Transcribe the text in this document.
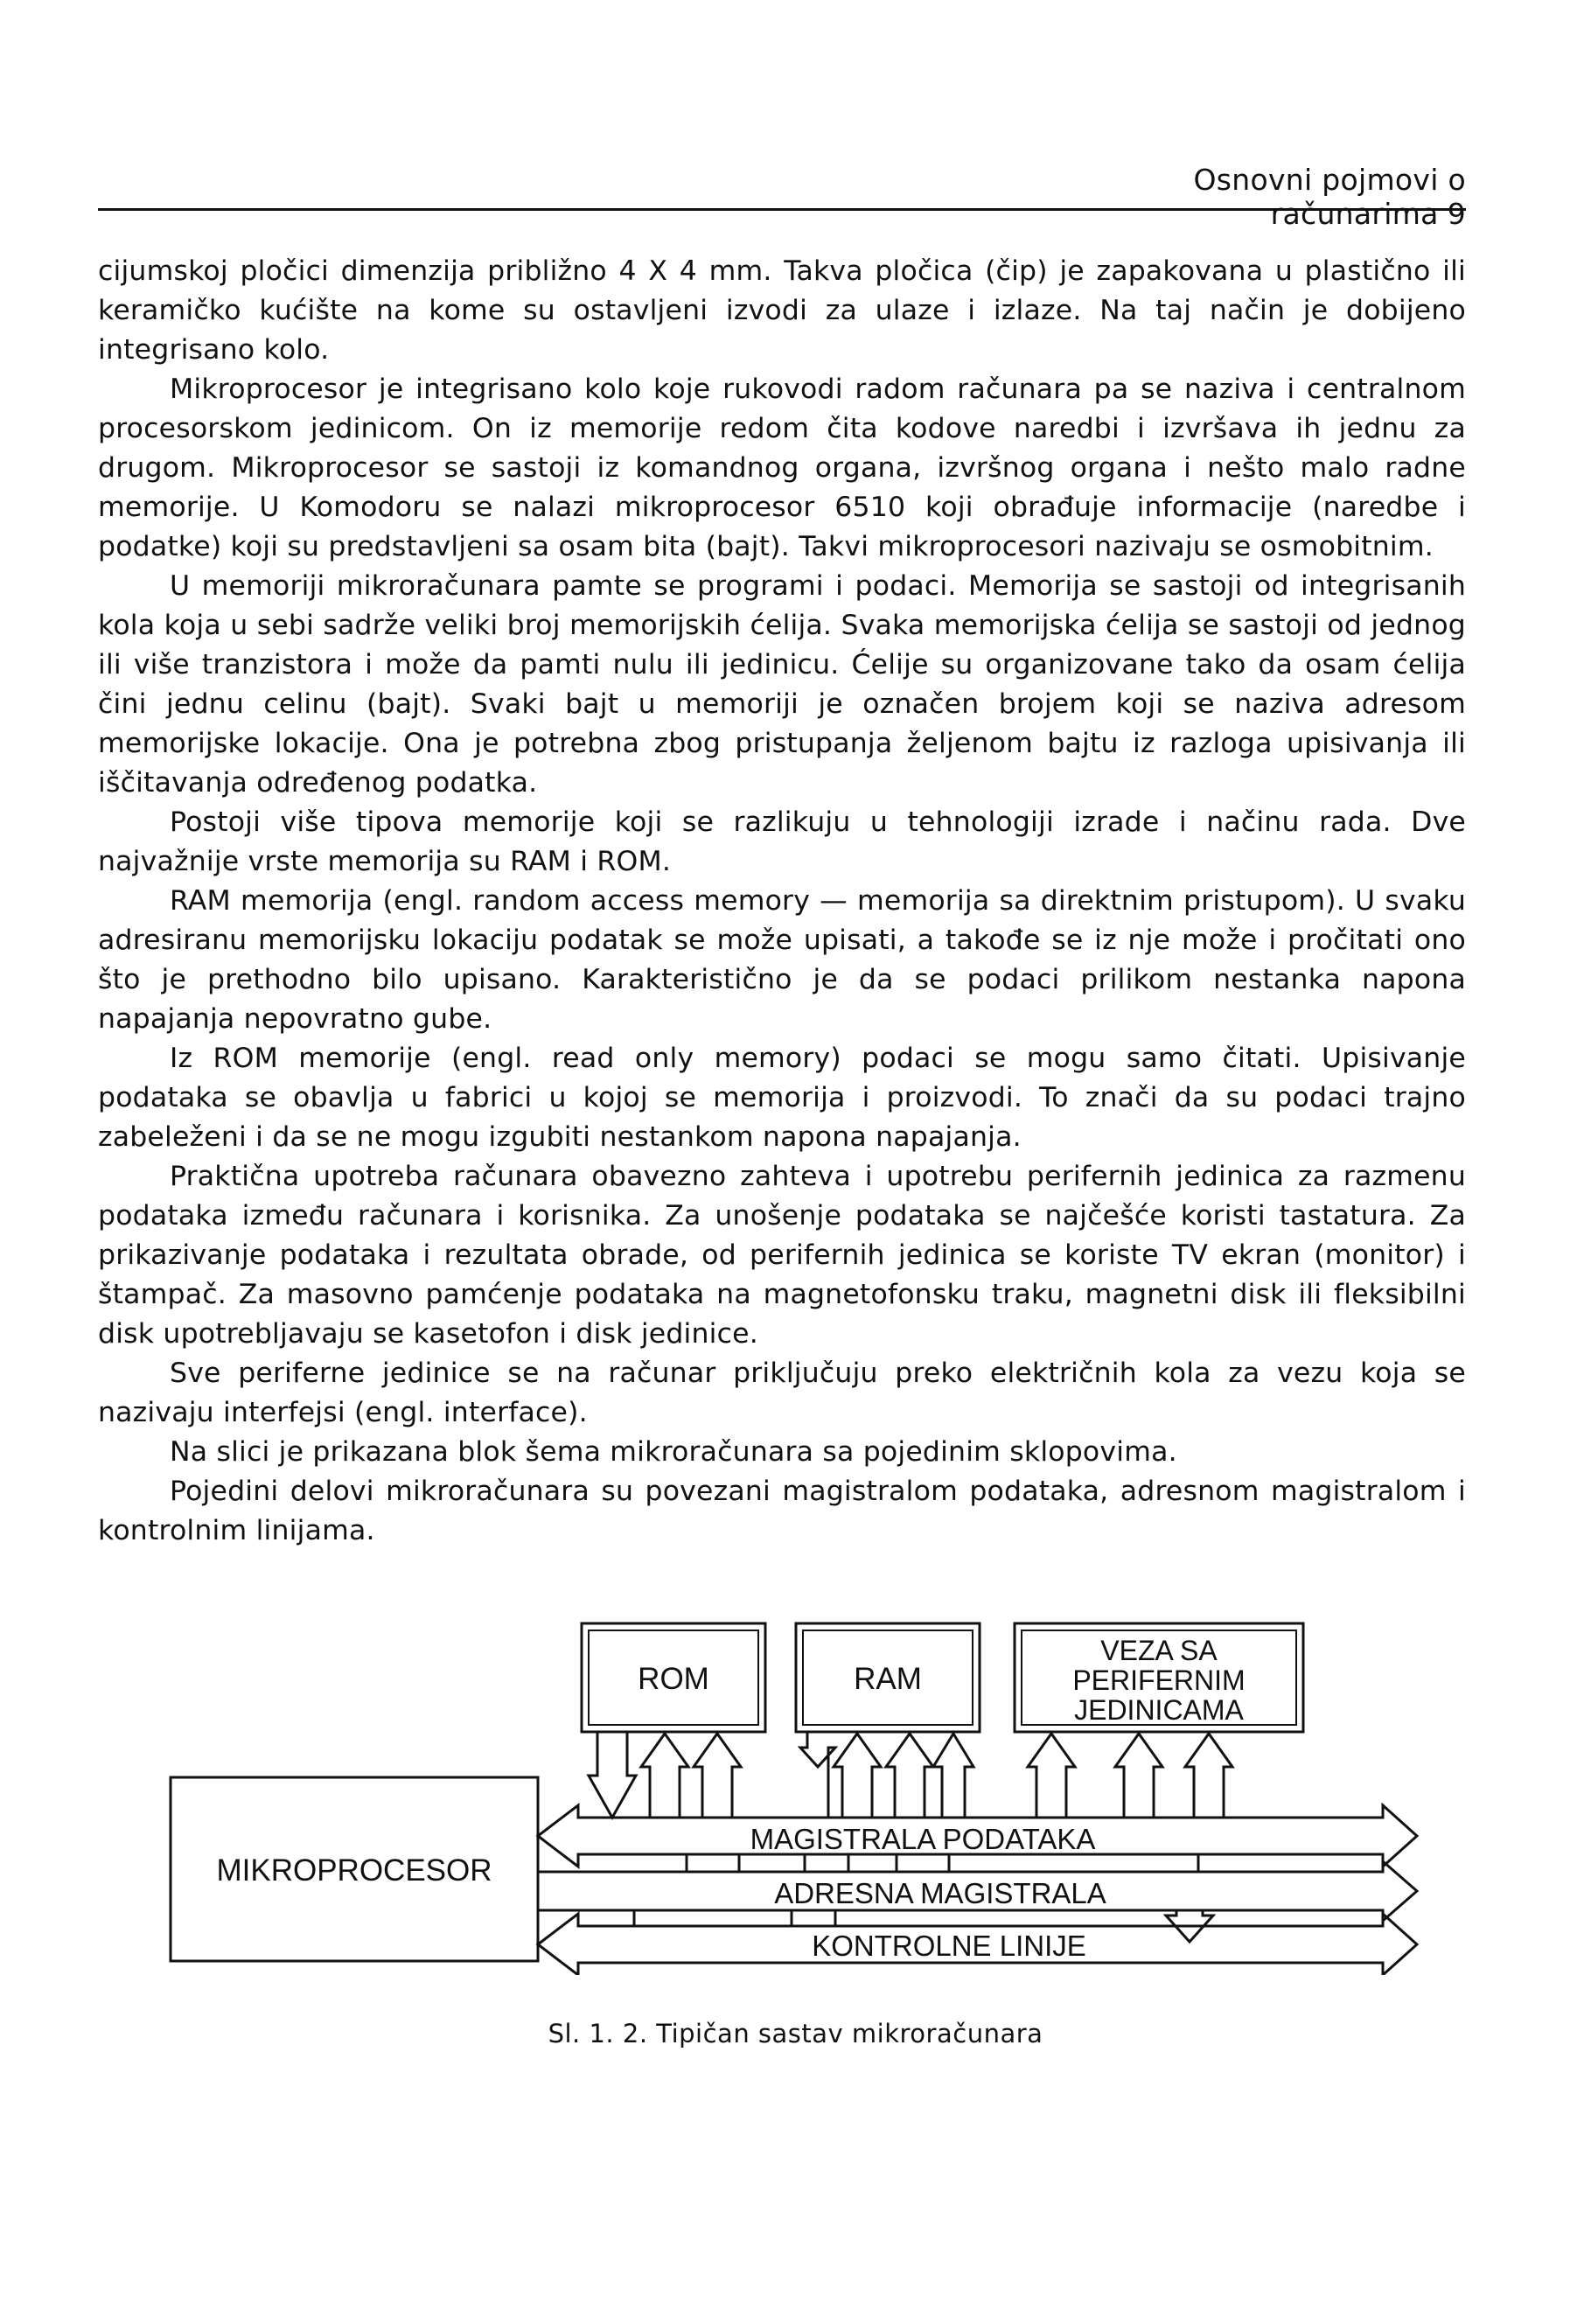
Osnovni pojmovi o računarima 9

cijumskoj pločici dimenzija približno 4 X 4 mm. Takva pločica (čip) je zapakovana u plastično ili keramičko kućište na kome su ostavljeni izvodi za ulaze i izlaze. Na taj način je dobijeno integrisano kolo.

Mikroprocesor je integrisano kolo koje rukovodi radom računara pa se naziva i centralnom procesorskom jedinicom. On iz memorije redom čita kodove naredbi i izvršava ih jednu za drugom. Mikroprocesor se sastoji iz komandnog organa, izvršnog organa i nešto malo radne memorije. U Komodoru se nalazi mikroprocesor 6510 koji obrađuje informacije (naredbe i podatke) koji su predstavljeni sa osam bita (bajt). Takvi mikroprocesori nazivaju se osmobitnim.

U memoriji mikroračunara pamte se programi i podaci. Memorija se sastoji od integrisanih kola koja u sebi sadrže veliki broj memorijskih ćelija. Svaka memorijska ćelija se sastoji od jednog ili više tranzistora i može da pamti nulu ili jedinicu. Ćelije su organizovane tako da osam ćelija čini jednu celinu (bajt). Svaki bajt u memoriji je označen brojem koji se naziva adresom memorijske lokacije. Ona je potrebna zbog pristupanja željenom bajtu iz razloga upisivanja ili iščitavanja određenog podatka.

Postoji više tipova memorije koji se razlikuju u tehnologiji izrade i načinu rada. Dve najvažnije vrste memorija su RAM i ROM.

RAM memorija (engl. random access memory — memorija sa direktnim pristupom). U svaku adresiranu memorijsku lokaciju podatak se može upisati, a takođe se iz nje može i pročitati ono što je prethodno bilo upisano. Karakteristično je da se podaci prilikom nestanka napona napajanja nepovratno gube.

Iz ROM memorije (engl. read only memory) podaci se mogu samo čitati. Upisivanje podataka se obavlja u fabrici u kojoj se memorija i proizvodi. To znači da su podaci trajno zabeleženi i da se ne mogu izgubiti nestankom napona napajanja.

Praktična upotreba računara obavezno zahteva i upotrebu perifernih jedinica za razmenu podataka između računara i korisnika. Za unošenje podataka se najčešće koristi tastatura. Za prikazivanje podataka i rezultata obrade, od perifernih jedinica se koriste TV ekran (monitor) i štampač. Za masovno pamćenje podataka na magnetofonsku traku, magnetni disk ili fleksibilni disk upotrebljavaju se kasetofon i disk jedinice.

Sve periferne jedinice se na računar priključuju preko električnih kola za vezu koja se nazivaju interfejsi (engl. interface).

Na slici je prikazana blok šema mikroračunara sa pojedinim sklopovima.

Pojedini delovi mikroračunara su povezani magistralom podataka, adresnom magistralom i kontrolnim linijama.

ROM	RAM
VEZA SA
PERIFERNIM
JEDINICAMA
MIKROPROCESOR
MAGISTRALA PODATAKA
ADRESNA MAGISTRALA
KONTROLNE LINIJE
Sl. 1. 2. Tipičan sastav mikroračunara
